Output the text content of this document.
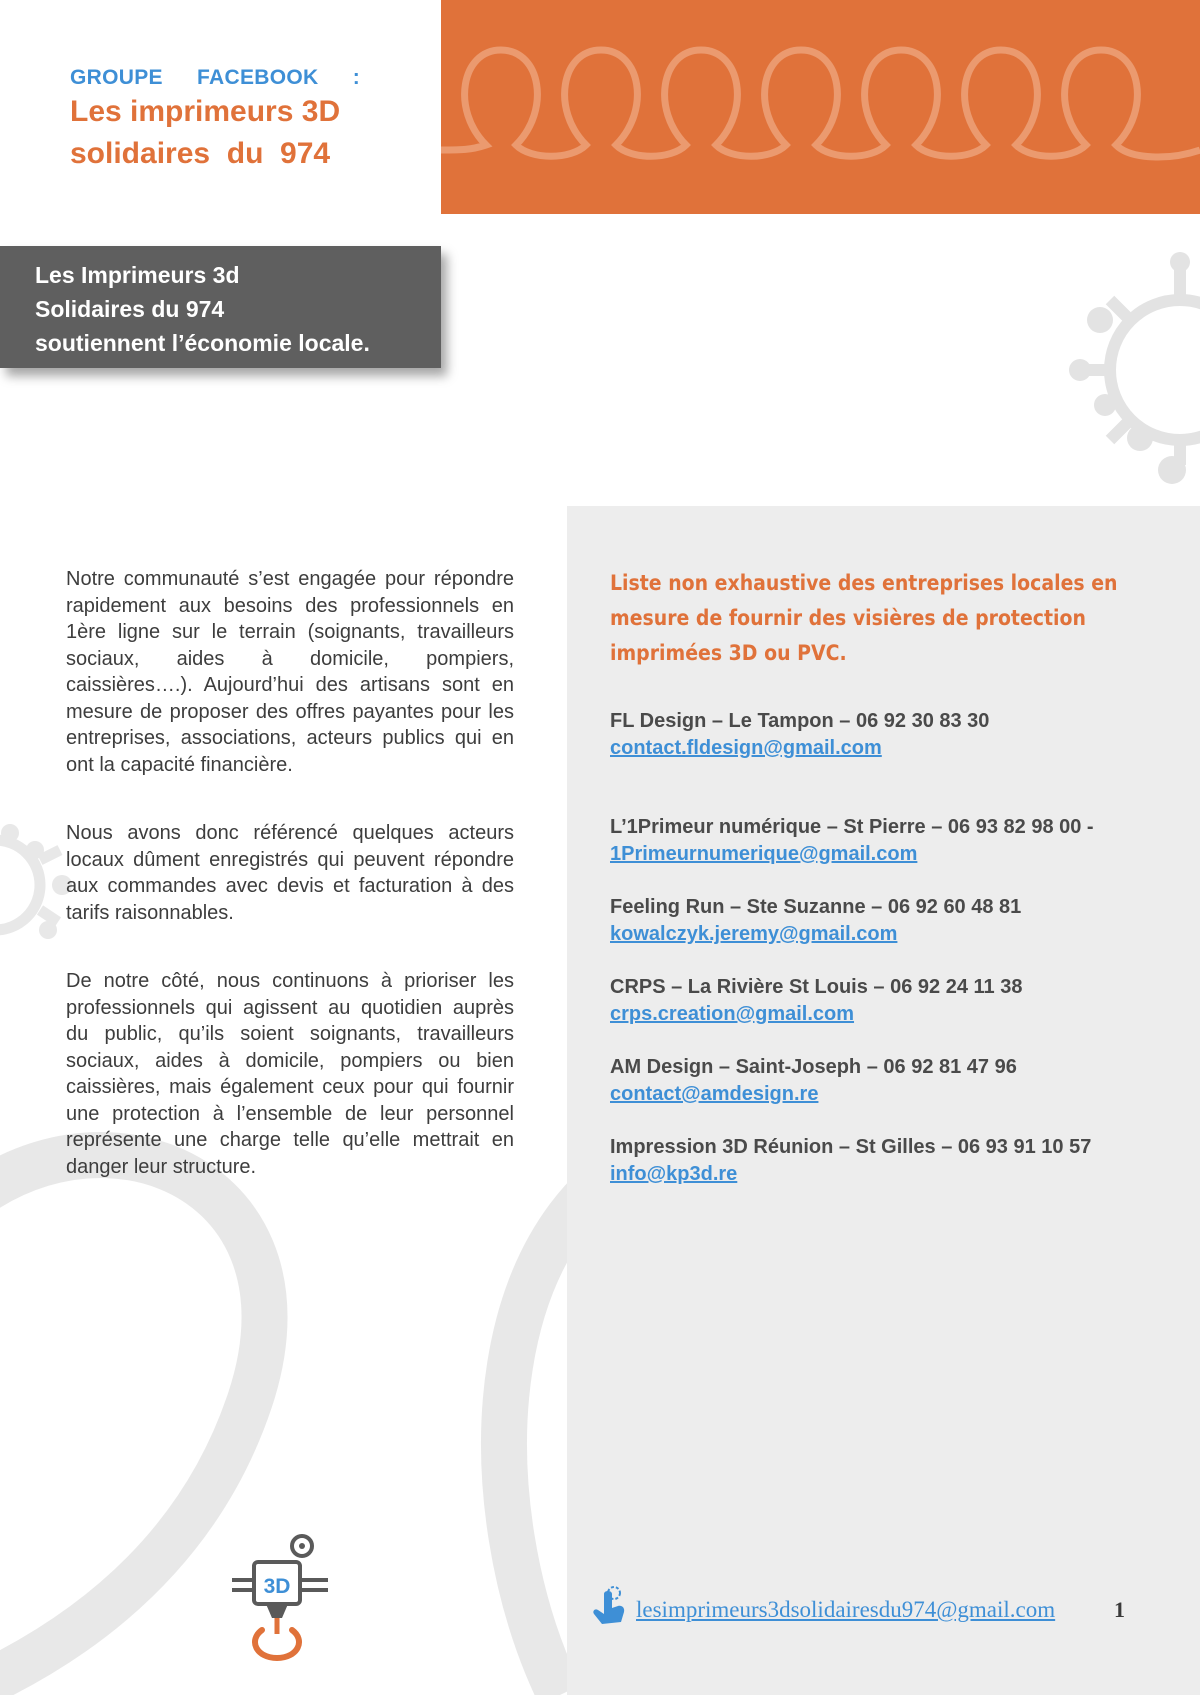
GROUPE FACEBOOK :
Les imprimeurs 3D
solidaires  du  974
Les Imprimeurs 3d
Solidaires du 974
soutiennent l’économie locale.

Notre communauté s’est engagée pour répondre rapidement aux besoins des professionnels en 1ère ligne sur le terrain (soignants, travailleurs sociaux, aides à domicile, pompiers, caissières….). Aujourd’hui des artisans sont en mesure de proposer des offres payantes pour les entreprises, associations, acteurs publics qui en ont la capacité financière.

Nous avons donc référencé quelques acteurs locaux dûment enregistrés qui peuvent répondre aux commandes avec devis et facturation à des tarifs raisonnables.

De notre côté, nous continuons à prioriser les professionnels qui agissent au quotidien auprès du public, qu’ils soient soignants, travailleurs sociaux, aides à domicile, pompiers ou bien caissières, mais également ceux pour qui fournir une protection à l’ensemble de leur personnel représente une charge telle qu’elle mettrait en danger leur structure.

Liste non exhaustive des entreprises locales en mesure de fournir des visières de protection imprimées 3D ou PVC.
FL Design – Le Tampon – 06 92 30 83 30
contact.fldesign@gmail.com
L’1Primeur numérique – St Pierre – 06 93 82 98 00 -
1Primeurnumerique@gmail.com
Feeling Run – Ste Suzanne – 06 92 60 48 81
kowalczyk.jeremy@gmail.com
CRPS – La Rivière St Louis – 06 92 24 11 38
crps.creation@gmail.com
AM Design – Saint-Joseph – 06 92 81 47 96
contact@amdesign.re
Impression 3D Réunion – St Gilles – 06 93 91 10 57
info@kp3d.re
3D
lesimprimeurs3dsolidairesdu974@gmail.com	1
